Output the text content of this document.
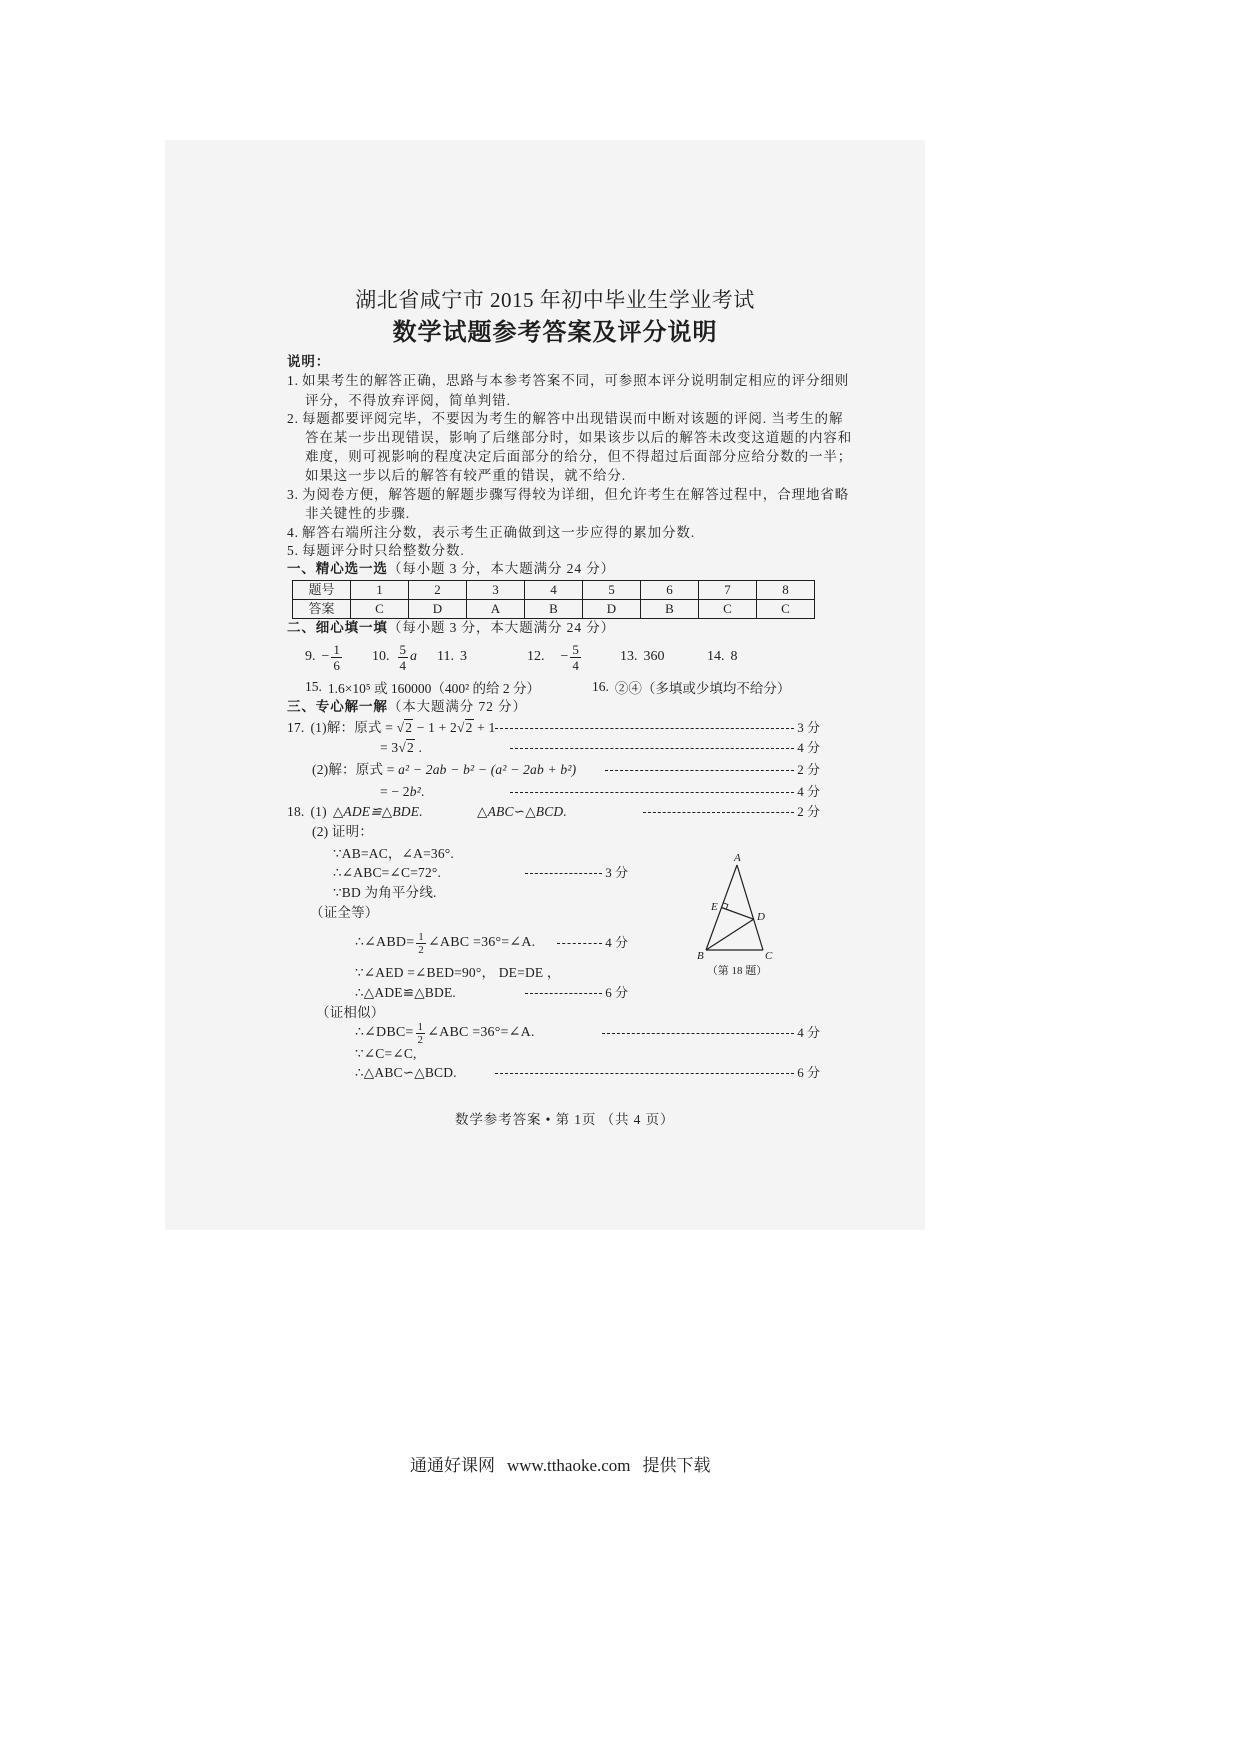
湖北省咸宁市 2015 年初中毕业生学业考试
数学试题参考答案及评分说明
说明：
1. 如果考生的解答正确，思路与本参考答案不同，可参照本评分说明制定相应的评分细则
评分，不得放弃评阅，简单判错.
2. 每题都要评阅完毕，不要因为考生的解答中出现错误而中断对该题的评阅. 当考生的解
答在某一步出现错误，影响了后继部分时，如果该步以后的解答未改变这道题的内容和
难度，则可视影响的程度决定后面部分的给分，但不得超过后面部分应给分数的一半；
如果这一步以后的解答有较严重的错误，就不给分.
3. 为阅卷方便，解答题的解题步骤写得较为详细，但允许考生在解答过程中，合理地省略
非关键性的步骤.
4. 解答右端所注分数，表示考生正确做到这一步应得的累加分数.
5. 每题评分时只给整数分数.
一、精心选一选（每小题 3 分，本大题满分 24 分）
题号	1	2	3	4	5	6	7	8
答案	C	D	A	B	D	B	C	C
二、细心填一填（每小题 3 分，本大题满分 24 分）
9. − $\frac{1}{6} 10$. $\frac{5}{4}$ a 11. 3	12. − $\frac{5}{4}$	13. 360	14. 8
15. 1.6×10⁵ 或 160000（400² 的给 2 分）	16. ②④（多填或少填均不给分）
三、专心解一解（本大题满分 72 分）
17. (1)解：原式 = √2 − 1 + 2√2 + 1	3 分
= 3√2 .	4 分
(2)解：原式 = a² − 2ab − b² − (a² − 2ab + b²)	2 分
= − 2b².	4 分
18. (1) △ADE≌△BDE.	△ABC∽△BCD.	2 分
(2) 证明：
∵AB=AC，∠A=36°.
∴∠ABC=∠C=72°.	3 分
∵BD 为角平分线.
（证全等）
∴∠ABD= $\frac{1}{2}$ ∠ABC =36°=∠A.	4 分
∵∠AED =∠BED=90°， DE=DE ，
∴△ADE≌△BDE.	6 分
（证相似）
∴∠DBC= $\frac{1}{2}$ ∠ABC =36°=∠A.	4 分
∵∠C=∠C,
∴△ABC∽△BCD.	6 分
A
E
D
B	C
（第 18 题）
数学参考答案 • 第 1页 （共 4 页）
通通好课网 www.tthaoke.com 提供下载
